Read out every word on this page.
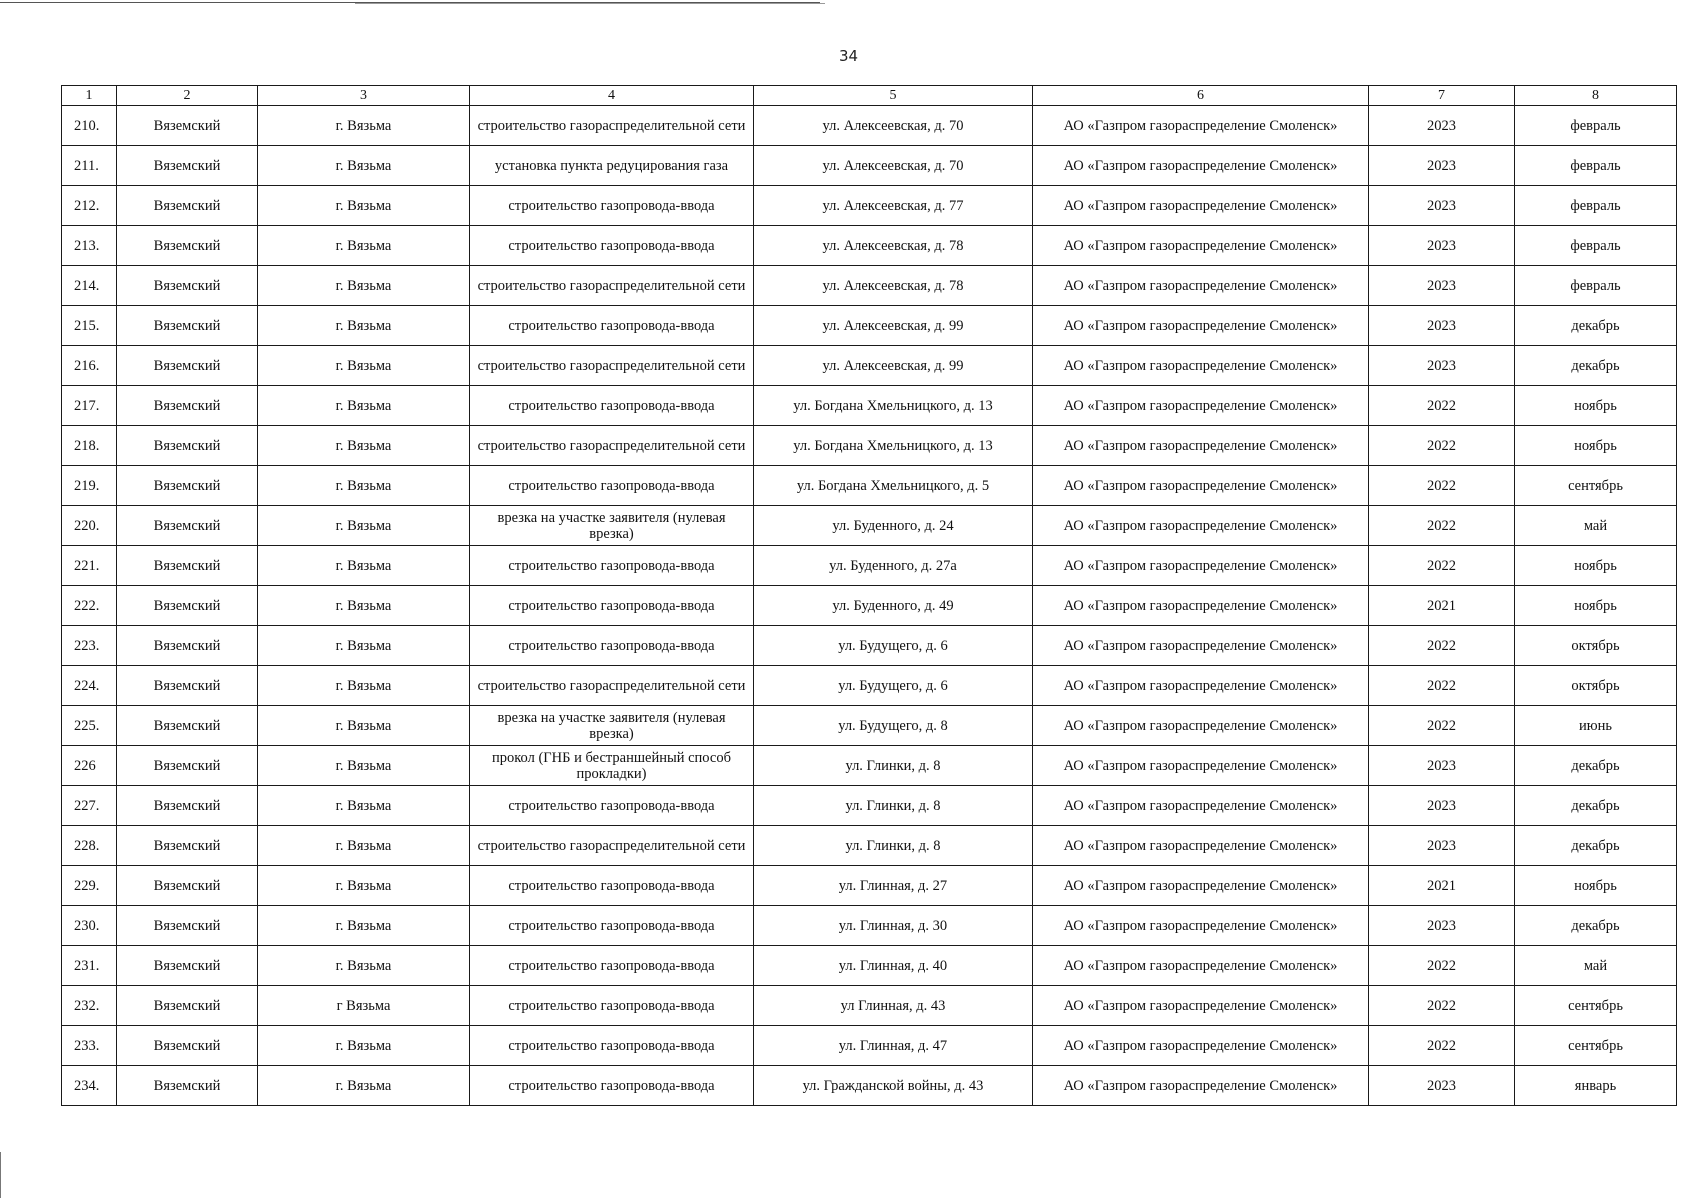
34
1	2	3	4	5	6	7	8
210.	Вяземский	г. Вязьма	строительство газораспределительной сети	ул. Алексеевская, д. 70	АО «Газпром газораспределение Смоленск»	2023	февраль
211.	Вяземский	г. Вязьма	установка пункта редуцирования газа	ул. Алексеевская, д. 70	АО «Газпром газораспределение Смоленск»	2023	февраль
212.	Вяземский	г. Вязьма	строительство газопровода-ввода	ул. Алексеевская, д. 77	АО «Газпром газораспределение Смоленск»	2023	февраль
213.	Вяземский	г. Вязьма	строительство газопровода-ввода	ул. Алексеевская, д. 78	АО «Газпром газораспределение Смоленск»	2023	февраль
214.	Вяземский	г. Вязьма	строительство газораспределительной сети	ул. Алексеевская, д. 78	АО «Газпром газораспределение Смоленск»	2023	февраль
215.	Вяземский	г. Вязьма	строительство газопровода-ввода	ул. Алексеевская, д. 99	АО «Газпром газораспределение Смоленск»	2023	декабрь
216.	Вяземский	г. Вязьма	строительство газораспределительной сети	ул. Алексеевская, д. 99	АО «Газпром газораспределение Смоленск»	2023	декабрь
217.	Вяземский	г. Вязьма	строительство газопровода-ввода	ул. Богдана Хмельницкого, д. 13	АО «Газпром газораспределение Смоленск»	2022	ноябрь
218.	Вяземский	г. Вязьма	строительство газораспределительной сети	ул. Богдана Хмельницкого, д. 13	АО «Газпром газораспределение Смоленск»	2022	ноябрь
219.	Вяземский	г. Вязьма	строительство газопровода-ввода	ул. Богдана Хмельницкого, д. 5	АО «Газпром газораспределение Смоленск»	2022	сентябрь
220.	Вяземский	г. Вязьма	врезка на участке заявителя (нулевая врезка)	ул. Буденного, д. 24	АО «Газпром газораспределение Смоленск»	2022	май
221.	Вяземский	г. Вязьма	строительство газопровода-ввода	ул. Буденного, д. 27а	АО «Газпром газораспределение Смоленск»	2022	ноябрь
222.	Вяземский	г. Вязьма	строительство газопровода-ввода	ул. Буденного, д. 49	АО «Газпром газораспределение Смоленск»	2021	ноябрь
223.	Вяземский	г. Вязьма	строительство газопровода-ввода	ул. Будущего, д. 6	АО «Газпром газораспределение Смоленск»	2022	октябрь
224.	Вяземский	г. Вязьма	строительство газораспределительной сети	ул. Будущего, д. 6	АО «Газпром газораспределение Смоленск»	2022	октябрь
225.	Вяземский	г. Вязьма	врезка на участке заявителя (нулевая врезка)	ул. Будущего, д. 8	АО «Газпром газораспределение Смоленск»	2022	июнь
226	Вяземский	г. Вязьма	прокол (ГНБ и бестраншейный способ прокладки)	ул. Глинки, д. 8	АО «Газпром газораспределение Смоленск»	2023	декабрь
227.	Вяземский	г. Вязьма	строительство газопровода-ввода	ул. Глинки, д. 8	АО «Газпром газораспределение Смоленск»	2023	декабрь
228.	Вяземский	г. Вязьма	строительство газораспределительной сети	ул. Глинки, д. 8	АО «Газпром газораспределение Смоленск»	2023	декабрь
229.	Вяземский	г. Вязьма	строительство газопровода-ввода	ул. Глинная, д. 27	АО «Газпром газораспределение Смоленск»	2021	ноябрь
230.	Вяземский	г. Вязьма	строительство газопровода-ввода	ул. Глинная, д. 30	АО «Газпром газораспределение Смоленск»	2023	декабрь
231.	Вяземский	г. Вязьма	строительство газопровода-ввода	ул. Глинная, д. 40	АО «Газпром газораспределение Смоленск»	2022	май
232.	Вяземский	г Вязьма	строительство газопровода-ввода	ул Глинная, д. 43	АО «Газпром газораспределение Смоленск»	2022	сентябрь
233.	Вяземский	г. Вязьма	строительство газопровода-ввода	ул. Глинная, д. 47	АО «Газпром газораспределение Смоленск»	2022	сентябрь
234.	Вяземский	г. Вязьма	строительство газопровода-ввода	ул. Гражданской войны, д. 43	АО «Газпром газораспределение Смоленск»	2023	январь
